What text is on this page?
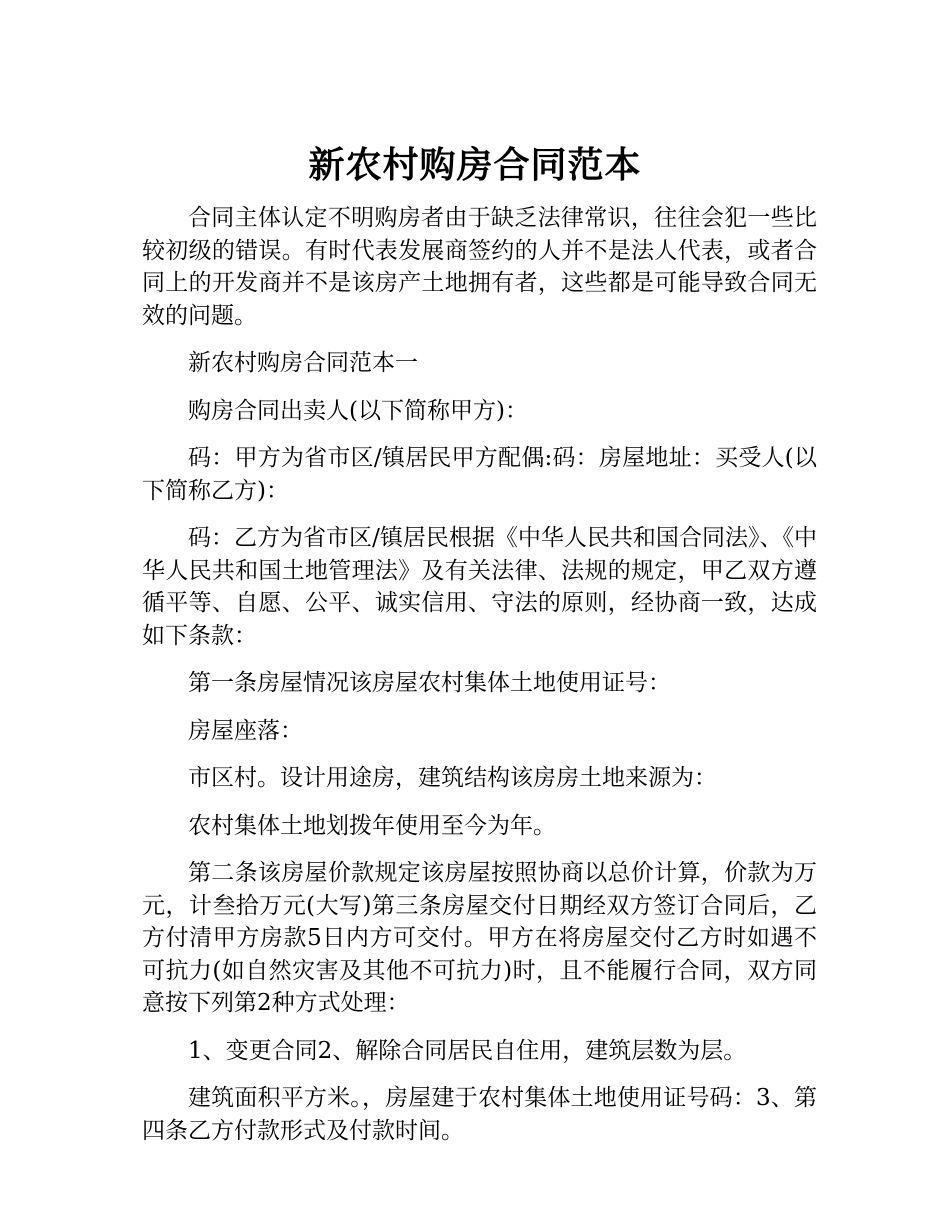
新农村购房合同范本

合同主体认定不明购房者由于缺乏法律常识，往往会犯一些比较初级的错误。有时代表发展商签约的人并不是法人代表，或者合同上的开发商并不是该房产土地拥有者，这些都是可能导致合同无效的问题。

新农村购房合同范本一

购房合同出卖人(以下简称甲方)：

码：甲方为省市区/镇居民甲方配偶:码：房屋地址：买受人(以下简称乙方)：

码：乙方为省市区/镇居民根据《中华人民共和国合同法》、《中华人民共和国土地管理法》及有关法律、法规的规定，甲乙双方遵循平等、自愿、公平、诚实信用、守法的原则，经协商一致，达成如下条款：

第一条房屋情况该房屋农村集体土地使用证号：

房屋座落：

市区村。设计用途房，建筑结构该房房土地来源为：

农村集体土地划拨年使用至今为年。

第二条该房屋价款规定该房屋按照协商以总价计算，价款为万元，计叁拾万元(大写)第三条房屋交付日期经双方签订合同后，乙方付清甲方房款5日内方可交付。甲方在将房屋交付乙方时如遇不可抗力(如自然灾害及其他不可抗力)时，且不能履行合同，双方同意按下列第2种方式处理：

1、变更合同2、解除合同居民自住用，建筑层数为层。

建筑面积平方米。，房屋建于农村集体土地使用证号码：3、第四条乙方付款形式及付款时间。
